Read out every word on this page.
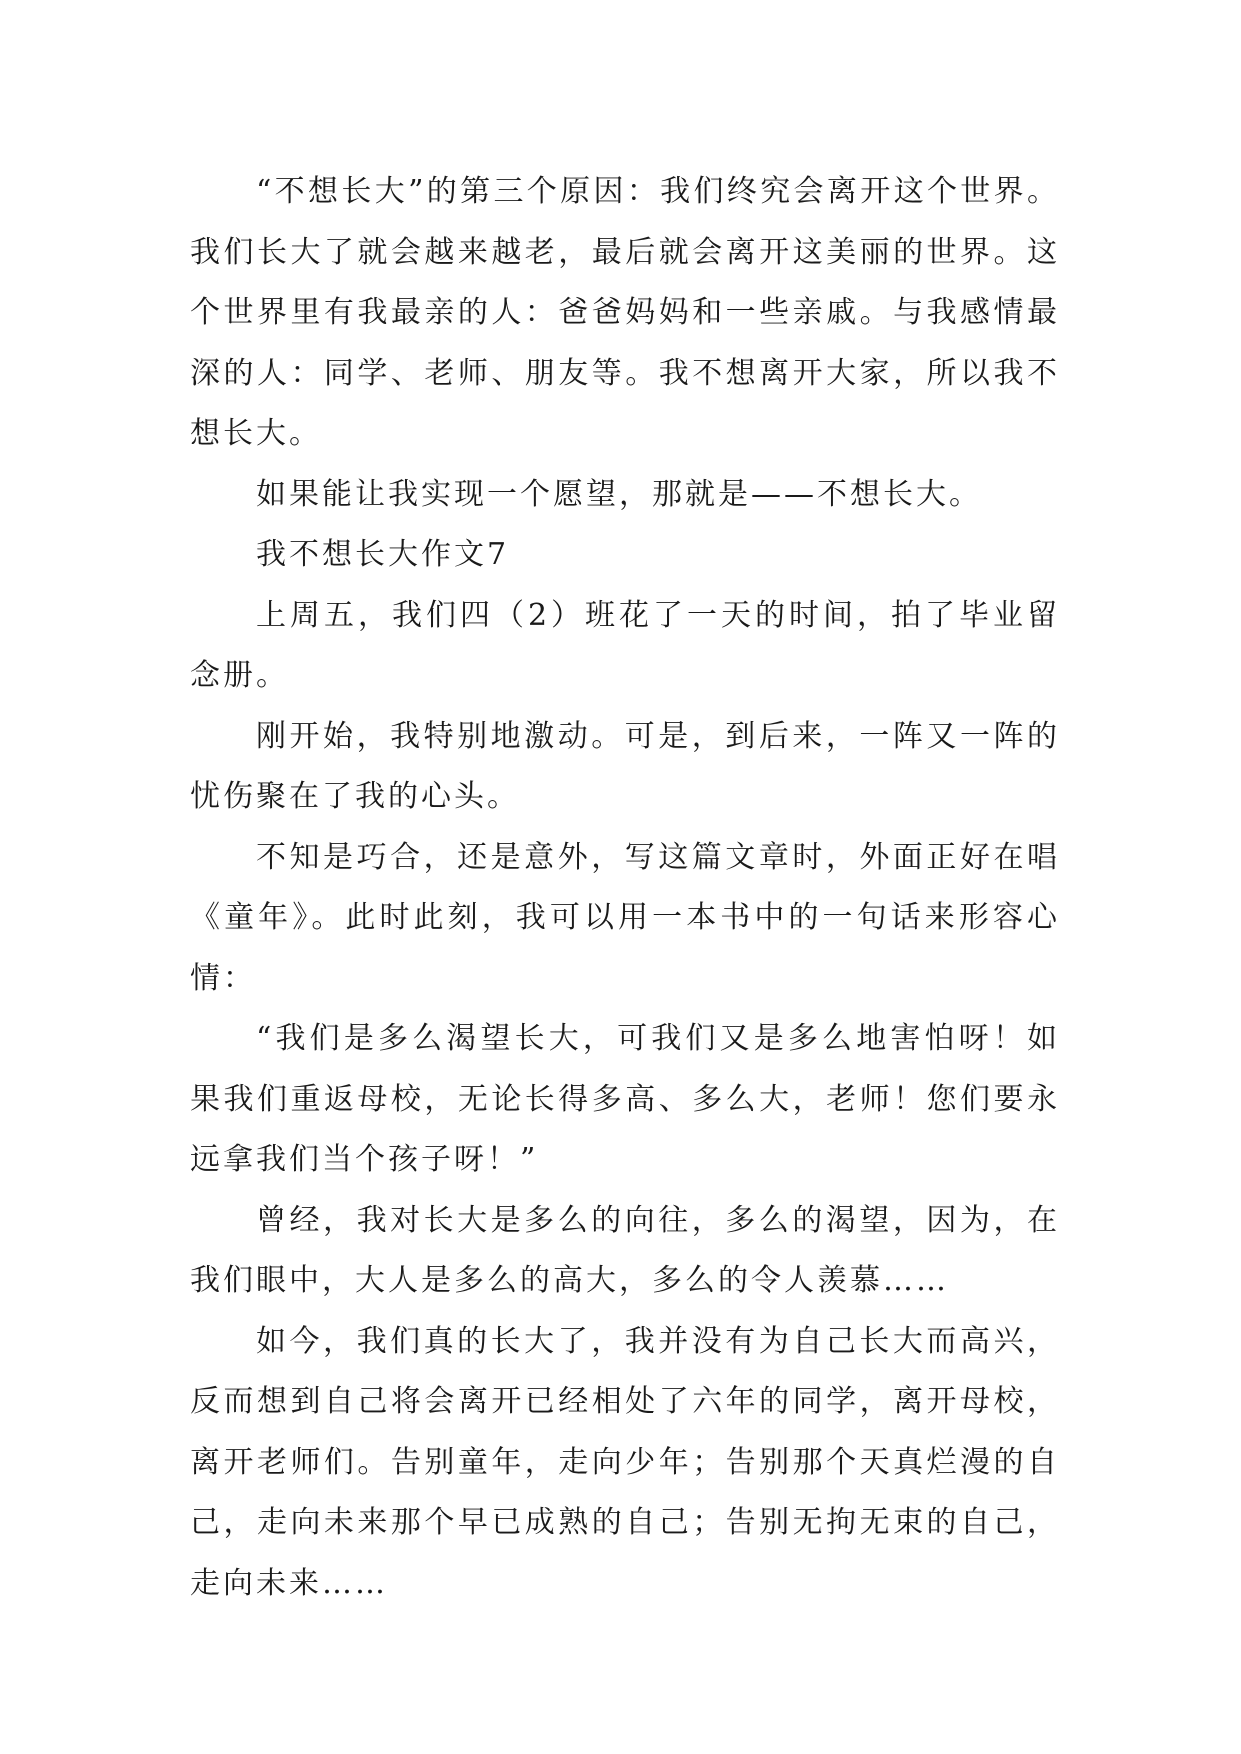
“不想长大”的第三个原因：我们终究会离开这个世界。我们长大了就会越来越老，最后就会离开这美丽的世界。这个世界里有我最亲的人：爸爸妈妈和一些亲戚。与我感情最深的人：同学、老师、朋友等。我不想离开大家，所以我不想长大。

如果能让我实现一个愿望，那就是——不想长大。

我不想长大作文7

上周五，我们四（2）班花了一天的时间，拍了毕业留念册。

刚开始，我特别地激动。可是，到后来，一阵又一阵的忧伤聚在了我的心头。

不知是巧合，还是意外，写这篇文章时，外面正好在唱《童年》。此时此刻，我可以用一本书中的一句话来形容心情：

“我们是多么渴望长大，可我们又是多么地害怕呀！如果我们重返母校，无论长得多高、多么大，老师！您们要永远拿我们当个孩子呀！”

曾经，我对长大是多么的向往，多么的渴望，因为，在我们眼中，大人是多么的高大，多么的令人羡慕……

如今，我们真的长大了，我并没有为自己长大而高兴，反而想到自己将会离开已经相处了六年的同学，离开母校，离开老师们。告别童年，走向少年；告别那个天真烂漫的自己，走向未来那个早已成熟的自己；告别无拘无束的自己，走向未来……
